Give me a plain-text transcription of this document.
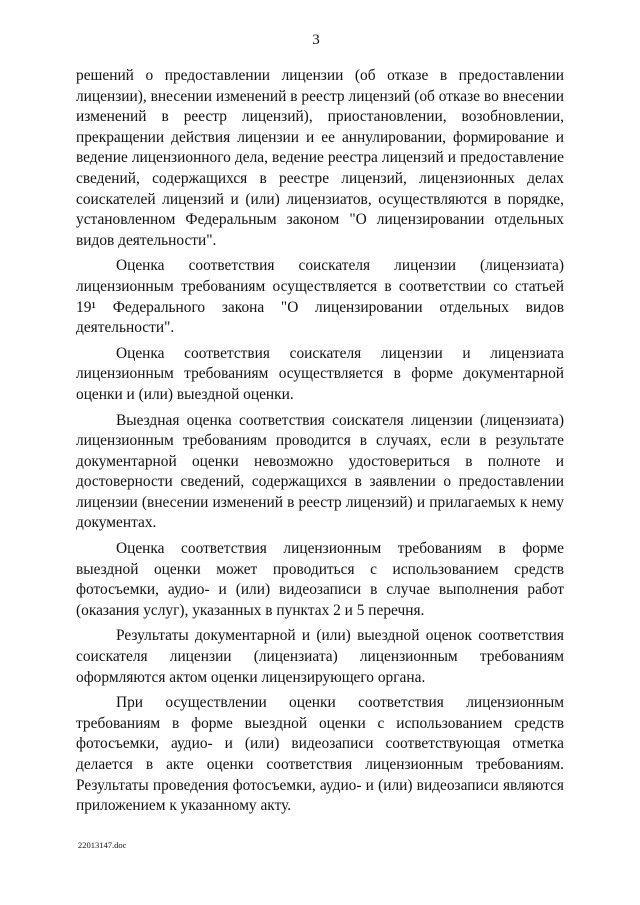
3

решений о предоставлении лицензии (об отказе в предоставлении лицензии), внесении изменений в реестр лицензий (об отказе во внесении изменений в реестр лицензий), приостановлении, возобновлении, прекращении действия лицензии и ее аннулировании, формирование и ведение лицензионного дела, ведение реестра лицензий и предоставление сведений, содержащихся в реестре лицензий, лицензионных делах соискателей лицензий и (или) лицензиатов, осуществляются в порядке, установленном Федеральным законом "О лицензировании отдельных видов деятельности".

Оценка соответствия соискателя лицензии (лицензиата) лицензионным требованиям осуществляется в соответствии со статьей 19¹ Федерального закона "О лицензировании отдельных видов деятельности".

Оценка соответствия соискателя лицензии и лицензиата лицензионным требованиям осуществляется в форме документарной оценки и (или) выездной оценки.

Выездная оценка соответствия соискателя лицензии (лицензиата) лицензионным требованиям проводится в случаях, если в результате документарной оценки невозможно удостовериться в полноте и достоверности сведений, содержащихся в заявлении о предоставлении лицензии (внесении изменений в реестр лицензий) и прилагаемых к нему документах.

Оценка соответствия лицензионным требованиям в форме выездной оценки может проводиться с использованием средств фотосъемки, аудио- и (или) видеозаписи в случае выполнения работ (оказания услуг), указанных в пунктах 2 и 5 перечня.

Результаты документарной и (или) выездной оценок соответствия соискателя лицензии (лицензиата) лицензионным требованиям оформляются актом оценки лицензирующего органа.

При осуществлении оценки соответствия лицензионным требованиям в форме выездной оценки с использованием средств фотосъемки, аудио- и (или) видеозаписи соответствующая отметка делается в акте оценки соответствия лицензионным требованиям. Результаты проведения фотосъемки, аудио- и (или) видеозаписи являются приложением к указанному акту.

22013147.doc
